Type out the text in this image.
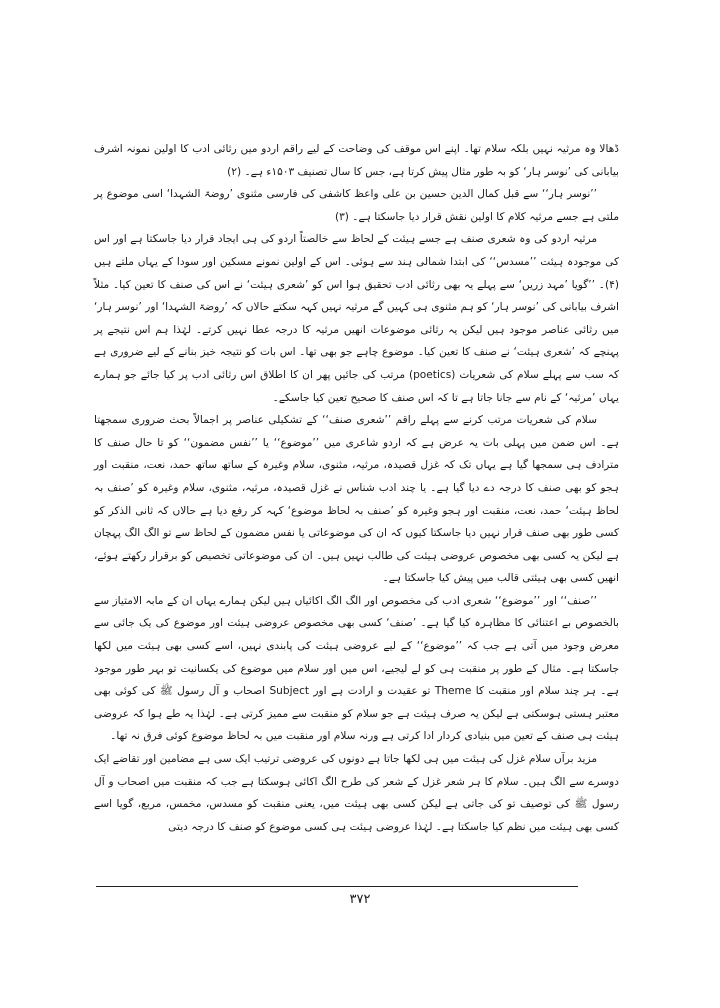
ڈھالا وہ مرثیہ نہیں بلکہ سلام تھا۔ اپنے اس موقف کی وضاحت کے لیے راقم اردو میں رثائی ادب کا اولین نمونہ اشرف بیابانی کی ’نوسر ہار‘ کو بہ طور مثال پیش کرتا ہے، جس کا سال تصنیف ۱۵۰۳ء ہے۔ (۲)

’’نوسر ہار‘‘ سے قبل کمال الدین حسین بن علی واعظ کاشفی کی فارسی مثنوی ’روضۃ الشہدا‘ اسی موضوع پر ملتی ہے جسے مرثیہ کلام کا اولین نقش قرار دیا جاسکتا ہے۔ (۳)

مرثیہ اردو کی وہ شعری صنف ہے جسے ہیئت کے لحاظ سے خالصتاً اردو کی ہی ایجاد قرار دیا جاسکتا ہے اور اس کی موجودہ ہیئت ’’مسدس‘‘ کی ابتدا شمالی ہند سے ہوئی۔ اس کے اولین نمونے مسکین اور سودا کے یہاں ملتے ہیں (۴)۔ ’’گویا ’مہد زریں‘ سے پہلے یہ بھی رثائی ادب تحقیق ہوا اس کو ’شعری ہیئت‘ نے اس کی صنف کا تعین کیا۔ مثلاً اشرف بیابانی کی ’نوسر ہار‘ کو ہم مثنوی ہی کہیں گے مرثیہ نہیں کہہ سکتے حالاں کہ ’روضۃ الشہدا‘ اور ’نوسر ہار‘ میں رثائی عناصر موجود ہیں لیکن یہ رثائی موضوعات انھیں مرثیہ کا درجہ عطا نہیں کرتے۔ لہٰذا ہم اس نتیجے پر پہنچے کہ ’شعری ہیئت‘ نے صنف کا تعین کیا۔ موضوع چاہے جو بھی تھا۔ اس بات کو نتیجہ خیز بنانے کے لیے ضروری ہے کہ سب سے پہلے سلام کی شعریات (poetics) مرتب کی جائیں پھر ان کا اطلاق اس رثائی ادب پر کیا جائے جو ہمارے یہاں ’مرثیہ‘ کے نام سے جانا جاتا ہے تا کہ اس صنف کا صحیح تعین کیا جاسکے۔

سلام کی شعریات مرتب کرنے سے پہلے راقم ’’شعری صنف‘‘ کے تشکیلی عناصر پر اجمالاً بحث ضروری سمجھتا ہے۔ اس ضمن میں پہلی بات یہ عرض ہے کہ اردو شاعری میں ’’موضوع‘‘ یا ’’نفس مضمون‘‘ کو تا حال صنف کا مترادف ہی سمجھا گیا ہے یہاں تک کہ غزل قصیدہ، مرثیہ، مثنوی، سلام وغیرہ کے ساتھ ساتھ حمد، نعت، منقبت اور ہجو کو بھی صنف کا درجہ دے دیا گیا ہے۔ یا چند ادب شناس نے غزل قصیدہ، مرثیہ، مثنوی، سلام وغیرہ کو ’صنف بہ لحاظ ہیئت‘ حمد، نعت، منقبت اور ہجو وغیرہ کو ’صنف بہ لحاظ موضوع‘ کہہ کر رفع دیا ہے حالاں کہ ثانی الذکر کو کسی طور بھی صنف قرار نہیں دیا جاسکتا کیوں کہ ان کی موضوعاتی یا نفس مضمون کے لحاظ سے تو الگ الگ پہچان ہے لیکن یہ کسی بھی مخصوص عروضی ہیئت کی طالب نہیں ہیں۔ ان کی موضوعاتی تخصیص کو برقرار رکھتے ہوئے، انھیں کسی بھی ہیئتی قالب میں پیش کیا جاسکتا ہے۔

’’صنف‘‘ اور ’’موضوع‘‘ شعری ادب کی مخصوص اور الگ الگ اکائیاں ہیں لیکن ہمارے یہاں ان کے مابہ الامتیاز سے بالخصوص بے اعتنائی کا مظاہرہ کیا گیا ہے۔ ’صنف‘ کسی بھی مخصوص عروضی ہیئت اور موضوع کی یک جائی سے معرض وجود میں آتی ہے جب کہ ’’موضوع‘‘ کے لیے عروضی ہیئت کی پابندی نہیں، اسے کسی بھی ہیئت میں لکھا جاسکتا ہے۔ مثال کے طور پر منقبت ہی کو لے لیجیے، اس میں اور سلام میں موضوع کی یکسانیت تو بہر طور موجود ہے۔ ہر چند سلام اور منقبت کا Theme تو عقیدت و ارادت ہے اور Subject اصحاب و آل رسول ﷺ کی کوئی بھی معتبر ہستی ہوسکتی ہے لیکن یہ صرف ہیئت ہے جو سلام کو منقبت سے ممیز کرتی ہے۔ لہٰذا یہ طے ہوا کہ عروضی ہیئت ہی صنف کے تعین میں بنیادی کردار ادا کرتی ہے ورنہ سلام اور منقبت میں بہ لحاظ موضوع کوئی فرق نہ تھا۔

مزید برآں سلام غزل کی ہیئت میں ہی لکھا جاتا ہے دونوں کی عروضی ترتیب ایک سی ہے مضامین اور تقاضے ایک دوسرے سے الگ ہیں۔ سلام کا ہر شعر غزل کے شعر کی طرح الگ اکائی ہوسکتا ہے جب کہ منقبت میں اصحاب و آل رسول ﷺ کی توصیف تو کی جاتی ہے لیکن کسی بھی ہیئت میں، یعنی منقبت کو مسدس، مخمس، مربع، گویا اسے کسی بھی ہیئت میں نظم کیا جاسکتا ہے۔ لہٰذا عروضی ہیئت ہی کسی موضوع کو صنف کا درجہ دیتی

۳۷۲
